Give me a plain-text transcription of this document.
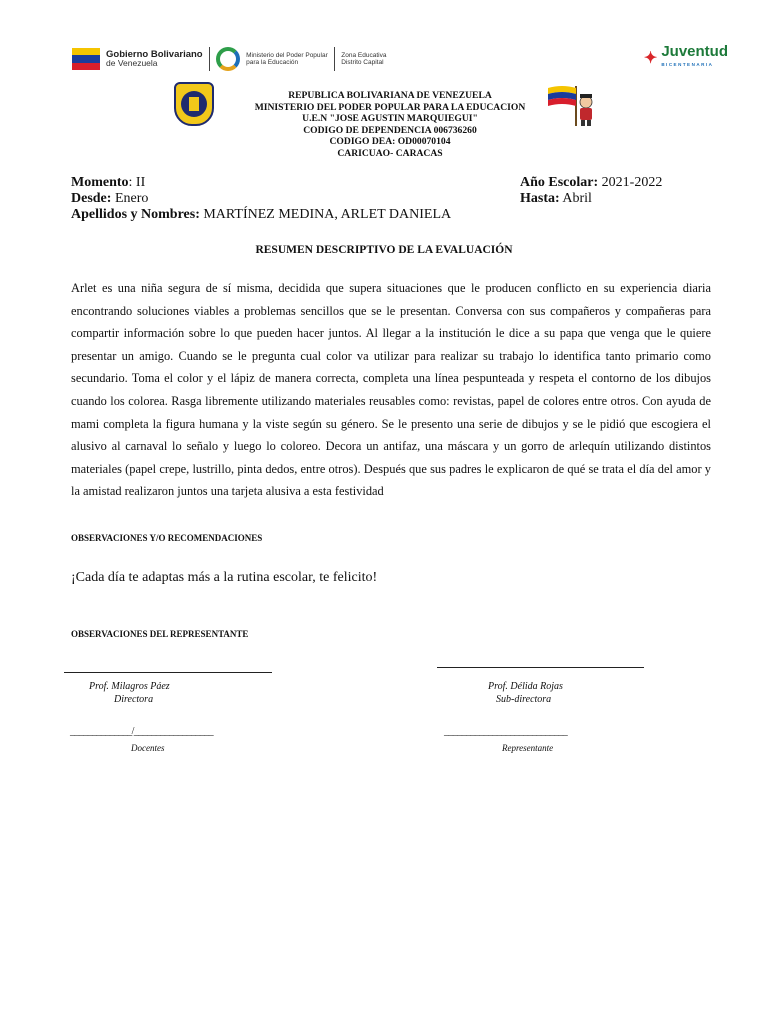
Gobierno Bolivariano
de Venezuela
Ministerio del Poder Popular
para la Educación
Zona Educativa
Distrito Capital	✦ Juventud
BICENTENARIA
REPUBLICA BOLIVARIANA DE VENEZUELA
MINISTERIO DEL PODER POPULAR PARA LA EDUCACION
U.E.N "JOSE AGUSTIN MARQUIEGUI"
CODIGO DE DEPENDENCIA 006736260
CODIGO DEA: OD00070104
CARICUAO- CARACAS
Momento: II
Desde: Enero
Apellidos y Nombres: MARTÍNEZ MEDINA, ARLET DANIELA
Año Escolar: 2021-2022
Hasta: Abril
RESUMEN DESCRIPTIVO DE LA EVALUACIÓN
Arlet es una niña segura de sí misma, decidida que supera situaciones que le producen conflicto en su experiencia diaria encontrando soluciones viables a problemas sencillos que se le presentan. Conversa con sus compañeros y compañeras para compartir información sobre lo que pueden hacer juntos. Al llegar a la institución le dice a su papa que venga que le quiere presentar un amigo. Cuando se le pregunta cual color va utilizar para realizar su trabajo lo identifica tanto primario como secundario. Toma el color y el lápiz de manera correcta, completa una línea pespunteada y respeta el contorno de los dibujos cuando los colorea. Rasga libremente utilizando materiales reusables como: revistas, papel de colores entre otros. Con ayuda de mami completa la figura humana y la viste según su género. Se le presento una serie de dibujos y se le pidió que escogiera el alusivo al carnaval lo señalo y luego lo coloreo. Decora un antifaz, una máscara y un gorro de arlequín utilizando distintos materiales (papel crepe, lustrillo, pinta dedos, entre otros). Después que sus padres le explicaron de qué se trata el día del amor y la amistad realizaron juntos una tarjeta alusiva a esta festividad
OBSERVACIONES Y/O RECOMENDACIONES
¡Cada día te adaptas más a la rutina escolar, te felicito!
OBSERVACIONES DEL REPRESENTANTE
Prof. Milagros Páez
Directora
Prof. Délida Rojas
Sub-directora
______________/__________________
Docentes
____________________________
Representante
